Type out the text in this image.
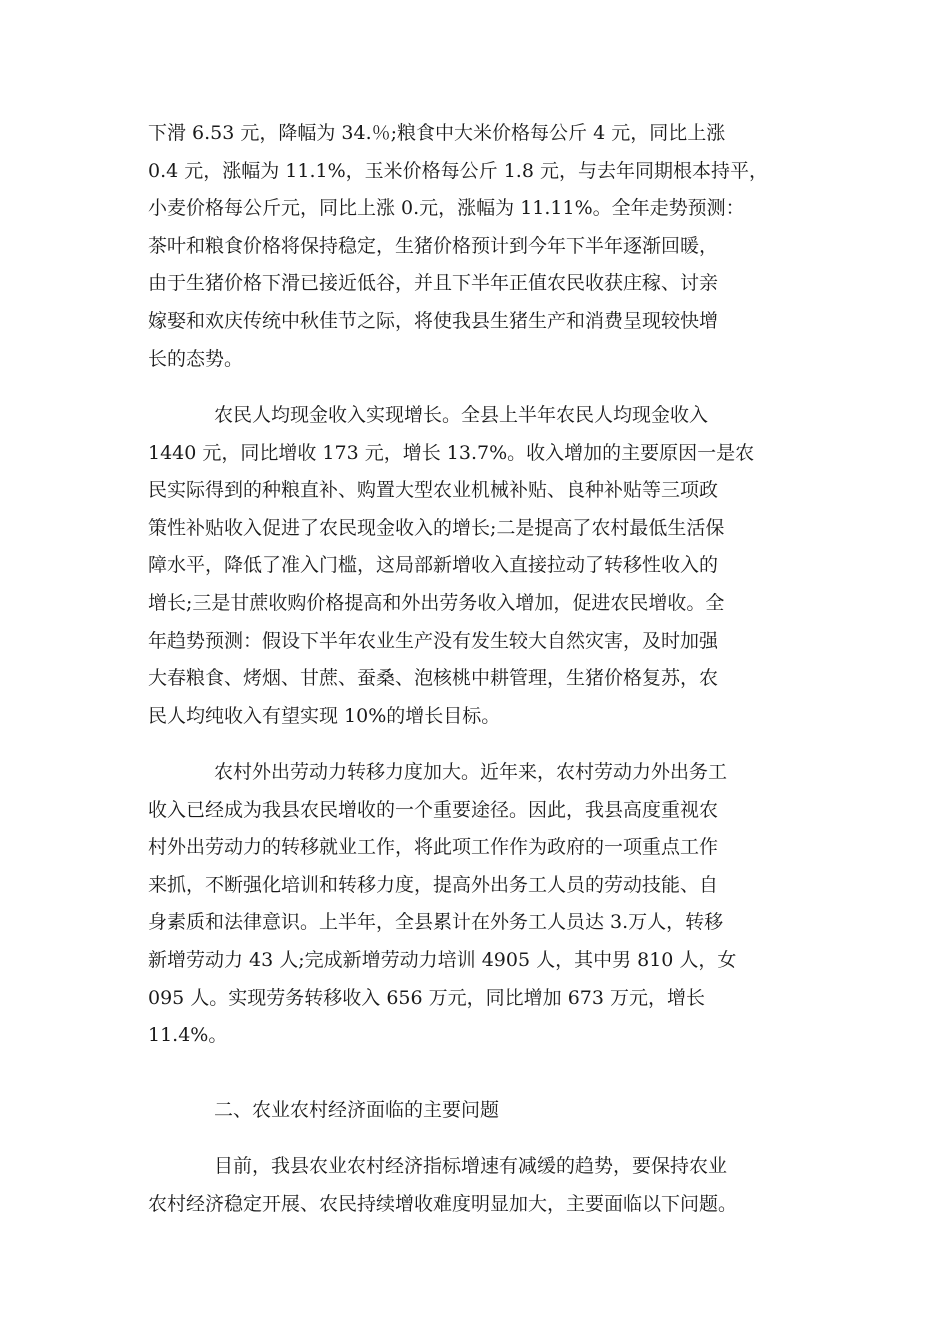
下滑 6.53 元，降幅为 34.％;粮食中大米价格每公斤 4 元，同比上涨
0.4 元，涨幅为 11.1%，玉米价格每公斤 1.8 元，与去年同期根本持平，
小麦价格每公斤元，同比上涨 0.元，涨幅为 11.11%。全年走势预测：
茶叶和粮食价格将保持稳定，生猪价格预计到今年下半年逐渐回暖，
由于生猪价格下滑已接近低谷，并且下半年正值农民收获庄稼、讨亲
嫁娶和欢庆传统中秋佳节之际，将使我县生猪生产和消费呈现较快增
长的态势。
农民人均现金收入实现增长。全县上半年农民人均现金收入
1440 元，同比增收 173 元，增长 13.7%。收入增加的主要原因一是农
民实际得到的种粮直补、购置大型农业机械补贴、良种补贴等三项政
策性补贴收入促进了农民现金收入的增长;二是提高了农村最低生活保
障水平，降低了准入门槛，这局部新增收入直接拉动了转移性收入的
增长;三是甘蔗收购价格提高和外出劳务收入增加，促进农民增收。全
年趋势预测：假设下半年农业生产没有发生较大自然灾害，及时加强
大春粮食、烤烟、甘蔗、蚕桑、泡核桃中耕管理，生猪价格复苏，农
民人均纯收入有望实现 10%的增长目标。
农村外出劳动力转移力度加大。近年来，农村劳动力外出务工
收入已经成为我县农民增收的一个重要途径。因此，我县高度重视农
村外出劳动力的转移就业工作，将此项工作作为政府的一项重点工作
来抓，不断强化培训和转移力度，提高外出务工人员的劳动技能、自
身素质和法律意识。上半年，全县累计在外务工人员达 3.万人，转移
新增劳动力 43 人;完成新增劳动力培训 4905 人，其中男 810 人，女
095 人。实现劳务转移收入 656 万元，同比增加 673 万元，增长
11.4%。
二、农业农村经济面临的主要问题
目前，我县农业农村经济指标增速有减缓的趋势，要保持农业
农村经济稳定开展、农民持续增收难度明显加大，主要面临以下问题。
